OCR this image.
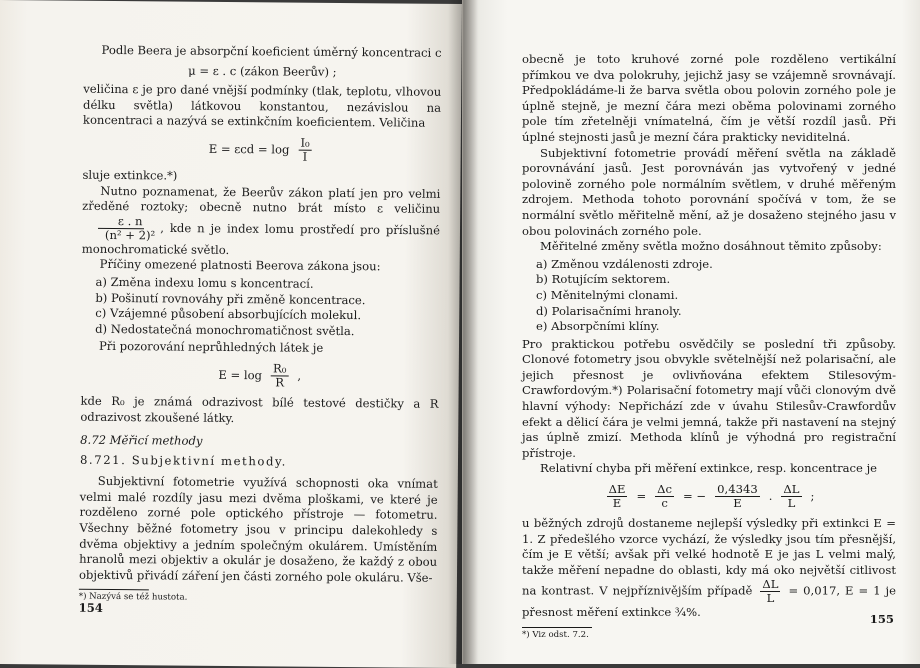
Podle Beera je absorpční koeficient úměrný koncentraci c

μ = ε . c (zákon Beerův) ;

veličina ε je pro dané vnější podmínky (tlak, teplotu, vlhovou délku světla) látkovou konstantou, nezávislou na koncentraci a nazývá se extinkčním koeficientem. Veličina

$E = \varepsilon cd = \log \frac{\text{I₀}}{I}$

sluje extinkce.*)

Nutno poznamenat, že Beerův zákon platí jen pro velmi zředěné roztoky; obecně nutno brát místo ε veličinu
$\frac{\varepsilon . n}{\text{(n² + 2)²}}$ , kde n je index lomu prostředí pro příslušné monochromatické světlo.

Příčiny omezené platnosti Beerova zákona jsou:

a) Změna indexu lomu s koncentrací.
b) Pošinutí rovnováhy při změně koncentrace.
c) Vzájemné působení absorbujících molekul.
d) Nedostatečná monochromatičnost světla.

Při pozorování neprůhledných látek je

$E = \log \frac{\text{R₀}}{R}$ ,

kde R₀ je známá odrazivost bílé testové destičky a R odrazivost zkoušené látky.

8.72 Měřicí methody

8.721. Subjektivní methody.

Subjektivní fotometrie využívá schopnosti oka vnímat velmi malé rozdíly jasu mezi dvěma ploškami, ve které je rozděleno zorné pole optického přístroje — fotometru. Všechny běžné fotometry jsou v principu dalekohledy s dvěma objektivy a jedním společným okulárem. Umístěním hranolů mezi objektiv a okulár je dosaženo, že každý z obou objektivů přivádí záření jen části zorného pole okuláru. Vše-

*) Nazývá se též hustota.

154

obecně je toto kruhové zorné pole rozděleno vertikální přímkou ve dva polokruhy, jejichž jasy se vzájemně srovnávají. Předpokládáme-li že barva světla obou polovin zorného pole je úplně stejně, je mezní čára mezi oběma polovinami zorného pole tím zřetelněji vnímatelná, čím je větší rozdíl jasů. Při úplné stejnosti jasů je mezní čára prakticky neviditelná.

Subjektivní fotometrie provádí měření světla na základě porovnávání jasů. Jest porovnáván jas vytvořený v jedné polovině zorného pole normálním světlem, v druhé měřeným zdrojem. Methoda tohoto porovnání spočívá v tom, že se normální světlo měřitelně mění, až je dosaženo stejného jasu v obou polovinách zorného pole.

Měřitelné změny světla možno dosáhnout těmito způsoby:

a) Změnou vzdálenosti zdroje.
b) Rotujícím sektorem.
c) Měnitelnými clonami.
d) Polarisačními hranoly.
e) Absorpčními klíny.

Pro praktickou potřebu osvědčily se poslední tři způsoby. Clonové fotometry jsou obvykle světelnější než polarisační, ale jejich přesnost je ovlivňována efektem Stilesovým-Crawfordovým.*) Polarisační fotometry mají vůči clonovým dvě hlavní výhody: Nepřichází zde v úvahu Stilesův-Crawfordův efekt a dělicí čára je velmi jemná, takže při nastavení na stejný jas úplně zmizí. Methoda klínů je výhodná pro registrační přístroje.

Relativní chyba při měření extinkce, resp. koncentrace je

$\frac{\Delta E}{E} = \frac{\Delta c}{c}$ = − $\frac{0,4343}{E}$ . $\frac{\Delta L}{L}$ ;

u běžných zdrojů dostaneme nejlepší výsledky při extinkci E = 1. Z předešlého vzorce vychází, že výsledky jsou tím přesnější, čím je E větší; avšak při velké hodnotě E je jas L velmi malý, takže měření nepadne do oblasti, kdy má oko největší citlivost na kontrast. V nejpříznivějším případě $\frac{\Delta L}{L} = 0,017$, E = 1 je přesnost měření extinkce ¾%.

*) Viz odst. 7.2.

155
